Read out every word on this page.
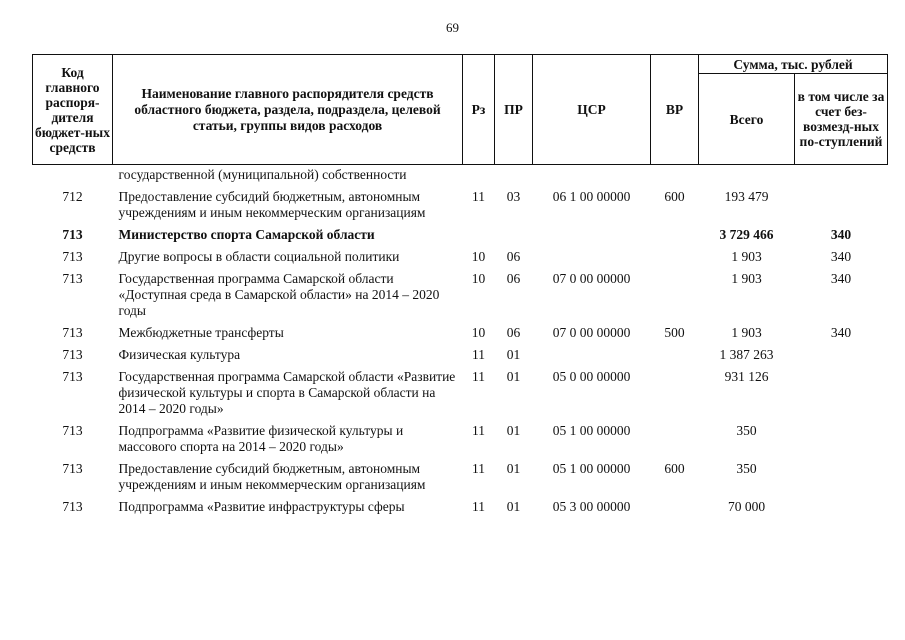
69
Код главного распоря-дителя бюджет-ных средств	Наименование главного распорядителя средств областного бюджета, раздела, подраздела, целевой статьи, группы видов расходов	Рз	ПР	ЦСР	ВР	Сумма, тыс. рублей	
						Всего	в том числе за счет без-возмезд-ных по-ступлений
	государственной (муниципальной) собственности						
712	Предоставление субсидий бюджетным, автономным учреждениям и иным некоммерческим организациям	11	03	06 1 00 00000	600	193 479	
713	Министерство спорта Самарской области					3 729 466	340
713	Другие вопросы в области социальной политики	10	06			1 903	340
713	Государственная программа Самарской области «Доступная среда в Самарской области» на 2014 – 2020 годы	10	06	07 0 00 00000		1 903	340
713	Межбюджетные трансферты	10	06	07 0 00 00000	500	1 903	340
713	Физическая культура	11	01			1 387 263	
713	Государственная программа Самарской области «Развитие физической культуры и спорта в Самарской области на 2014 – 2020 годы»	11	01	05 0 00 00000		931 126	
713	Подпрограмма «Развитие физической культуры и массового спорта на 2014 – 2020 годы»	11	01	05 1 00 00000		350	
713	Предоставление субсидий бюджетным, автономным учреждениям и иным некоммерческим организациям	11	01	05 1 00 00000	600	350	
713	Подпрограмма «Развитие инфраструктуры сферы	11	01	05 3 00 00000		70 000	
